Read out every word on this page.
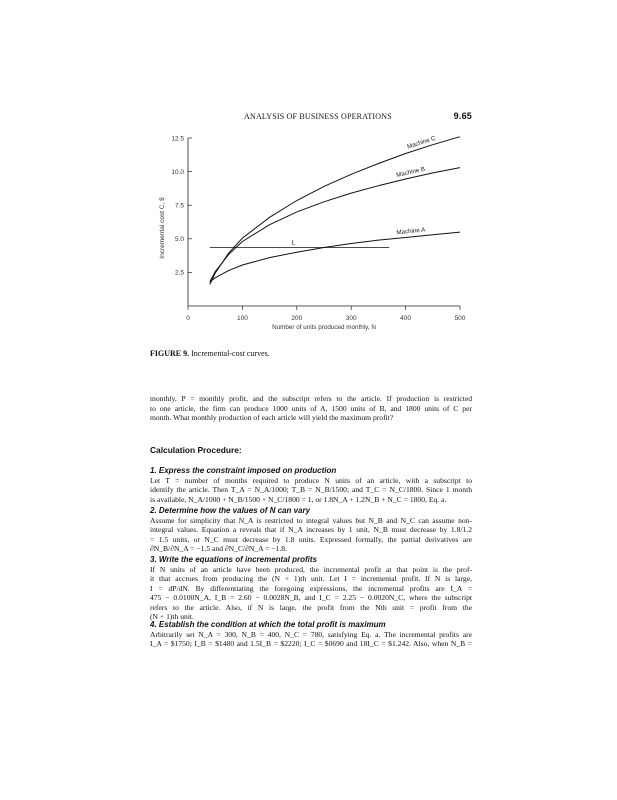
ANALYSIS OF BUSINESS OPERATIONS	9.65
0	100	200	300	400	500
2.5
5.0
7.5
10.0
12.5
Number of units produced monthly, N
Incremental cost C, $
Machine C
Machine B
Machine A
L
FIGURE 9. Incremental-cost curves.
monthly, P = monthly profit, and the subscript refers to the article. If production is restricted
to one article, the firm can produce 1000 units of A, 1500 units of B, and 1800 units of C per
month. What monthly production of each article will yield the maximum profit?
Calculation Procedure:
1. Express the constraint imposed on production
Let T = number of months required to produce N units of an article, with a subscript to
identify the article. Then T_A = N_A/1000; T_B = N_B/1500; and T_C = N_C/1800. Since 1 month
is available, N_A/1000 + N_B/1500 + N_C/1800 = 1, or 1.8N_A + 1.2N_B + N_C = 1800, Eq. a.
2. Determine how the values of N can vary
Assume for simplicity that N_A is restricted to integral values but N_B and N_C can assume non-
integral values. Equation a reveals that if N_A increases by 1 unit, N_B must decrease by 1.8/1.2
= 1.5 units, or N_C must decrease by 1.8 units. Expressed formally, the partial derivatives are
∂N_B/∂N_A = −1.5 and ∂N_C/∂N_A = −1.8.
3. Write the equations of incremental profits
If N units of an article have been produced, the incremental profit at that point is the prof-
it that accrues from producing the (N + 1)th unit. Let I = incremental profit. If N is large,
I = dP/dN. By differentiating the foregoing expressions, the incremental profits are I_A =
475 − 0.0100N_A, I_B = 2.60 − 0.0028N_B, and I_C = 2.25 − 0.0020N_C, where the subscript
refers to the article. Also, if N is large, the profit from the Nth unit = profit from the
(N + 1)th unit.
4. Establish the condition at which the total profit is maximum
Arbitrarily set N_A = 300, N_B = 400, N_C = 780, satisfying Eq. a. The incremental profits are
I_A = $1750; I_B = $1480 and 1.5I_B = $2220; I_C = $0690 and 18I_C = $1.242. Also, when N_B =
